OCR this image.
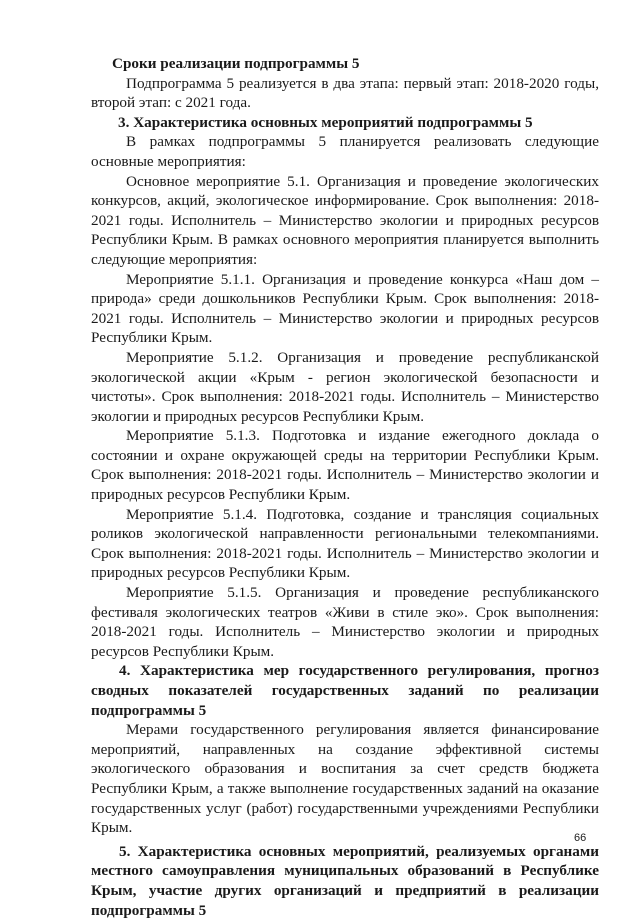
Сроки реализации подпрограммы 5

Подпрограмма 5 реализуется в два этапа: первый этап: 2018-2020 годы, второй этап: с 2021 года.

3. Характеристика основных мероприятий подпрограммы 5

В рамках подпрограммы 5 планируется реализовать следующие основные мероприятия:

Основное мероприятие 5.1. Организация и проведение экологических конкурсов, акций, экологическое информирование. Срок выполнения: 2018-2021 годы. Исполнитель – Министерство экологии и природных ресурсов Республики Крым. В рамках основного мероприятия планируется выполнить следующие мероприятия:

Мероприятие 5.1.1. Организация и проведение конкурса «Наш дом – природа» среди дошкольников Республики Крым. Срок выполнения: 2018-2021 годы. Исполнитель – Министерство экологии и природных ресурсов Республики Крым.

Мероприятие 5.1.2. Организация и проведение республиканской экологической акции «Крым - регион экологической безопасности и чистоты». Срок выполнения: 2018-2021 годы. Исполнитель – Министерство экологии и природных ресурсов Республики Крым.

Мероприятие 5.1.3. Подготовка и издание ежегодного доклада о состоянии и охране окружающей среды на территории Республики Крым. Срок выполнения: 2018-2021 годы. Исполнитель – Министерство экологии и природных ресурсов Республики Крым.

Мероприятие 5.1.4. Подготовка, создание и трансляция социальных роликов экологической направленности региональными телекомпаниями. Срок выполнения: 2018-2021 годы. Исполнитель – Министерство экологии и природных ресурсов Республики Крым.

Мероприятие 5.1.5. Организация и проведение республиканского фестиваля экологических театров «Живи в стиле эко». Срок выполнения: 2018-2021 годы. Исполнитель – Министерство экологии и природных ресурсов Республики Крым.

4. Характеристика мер государственного регулирования, прогноз сводных показателей государственных заданий по реализации подпрограммы 5

Мерами государственного регулирования является финансирование мероприятий, направленных на создание эффективной системы экологического образования и воспитания за счет средств бюджета Республики Крым, а также выполнение государственных заданий на оказание государственных услуг (работ) государственными учреждениями Республики Крым.

5. Характеристика основных мероприятий, реализуемых органами местного самоуправления муниципальных образований в Республике Крым, участие других организаций и предприятий в реализации подпрограммы 5

66
